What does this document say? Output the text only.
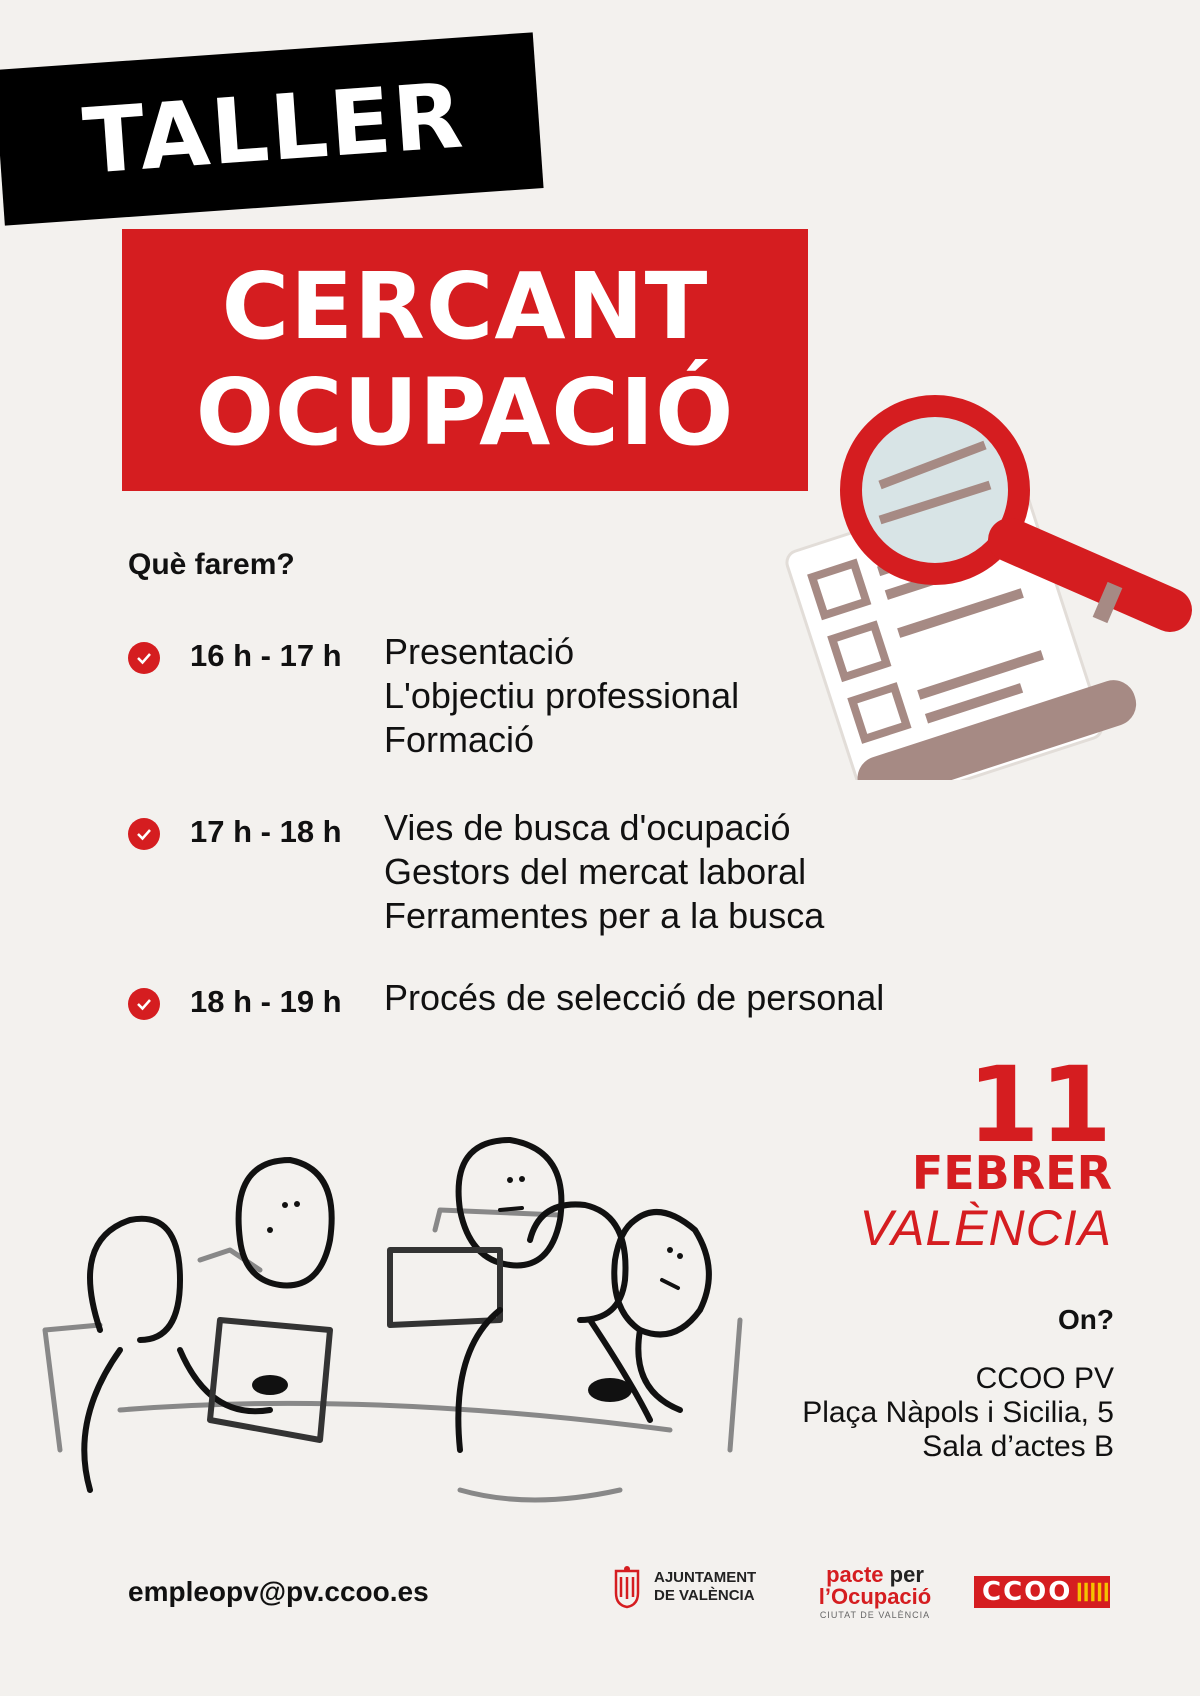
TALLER
CERCANT
OCUPACIÓ
Què farem?
16 h - 17 h	Presentació
L'objectiu professional
Formació
17 h - 18 h	Vies de busca d'ocupació
Gestors del mercat laboral
Ferramentes per a la busca
18 h - 19 h	Procés de selecció de personal
11
FEBRER
VALÈNCIA
On?
CCOO PV
Plaça Nàpols i Sicilia, 5
Sala d’actes B
empleopv@pv.ccoo.es	AJUNTAMENT
DE VALÈNCIA
pacte per
l’Ocupació
CIUTAT DE VALÈNCIA
CCOO
